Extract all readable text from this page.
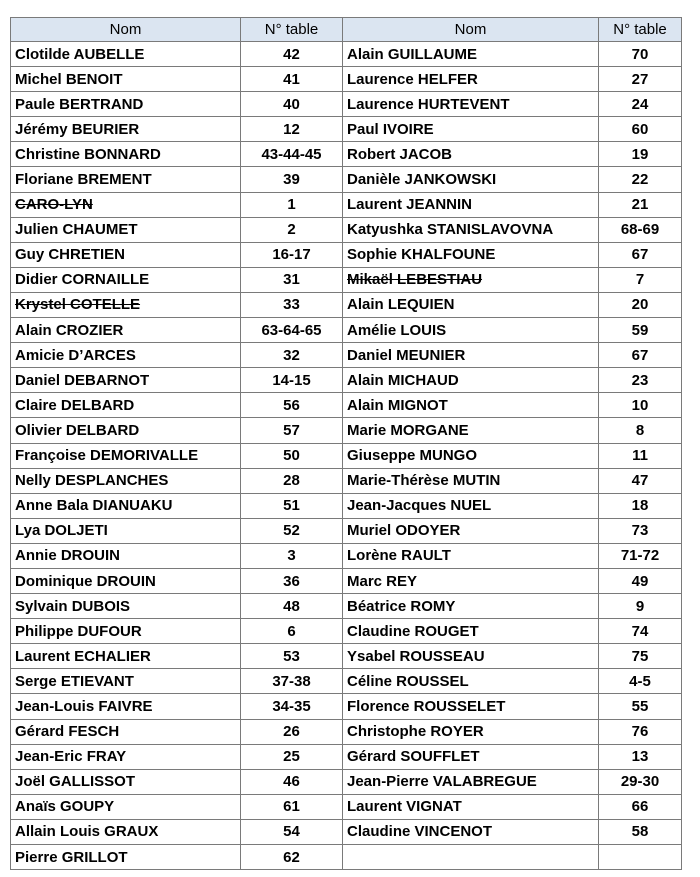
Nom	N° table	Nom	N° table
Clotilde AUBELLE	42	Alain GUILLAUME	70
Michel BENOIT	41	Laurence HELFER	27
Paule BERTRAND	40	Laurence HURTEVENT	24
Jérémy BEURIER	12	Paul IVOIRE	60
Christine BONNARD	43-44-45	Robert JACOB	19
Floriane BREMENT	39	Danièle JANKOWSKI	22
CARO-LYN	1	Laurent JEANNIN	21
Julien CHAUMET	2	Katyushka STANISLAVOVNA	68-69
Guy CHRETIEN	16-17	Sophie KHALFOUNE	67
Didier CORNAILLE	31	Mikaël LEBESTIAU	7
Krystel COTELLE	33	Alain LEQUIEN	20
Alain CROZIER	63-64-65	Amélie LOUIS	59
Amicie D’ARCES	32	Daniel MEUNIER	67
Daniel DEBARNOT	14-15	Alain MICHAUD	23
Claire DELBARD	56	Alain MIGNOT	10
Olivier DELBARD	57	Marie MORGANE	8
Françoise DEMORIVALLE	50	Giuseppe MUNGO	11
Nelly DESPLANCHES	28	Marie-Thérèse MUTIN	47
Anne Bala DIANUAKU	51	Jean-Jacques NUEL	18
Lya DOLJETI	52	Muriel ODOYER	73
Annie DROUIN	3	Lorène RAULT	71-72
Dominique DROUIN	36	Marc REY	49
Sylvain DUBOIS	48	Béatrice ROMY	9
Philippe DUFOUR	6	Claudine ROUGET	74
Laurent ECHALIER	53	Ysabel ROUSSEAU	75
Serge ETIEVANT	37-38	Céline ROUSSEL	4-5
Jean-Louis FAIVRE	34-35	Florence ROUSSELET	55
Gérard FESCH	26	Christophe ROYER	76
Jean-Eric FRAY	25	Gérard SOUFFLET	13
Joël GALLISSOT	46	Jean-Pierre VALABREGUE	29-30
Anaïs GOUPY	61	Laurent VIGNAT	66
Allain Louis GRAUX	54	Claudine VINCENOT	58
Pierre GRILLOT	62		
